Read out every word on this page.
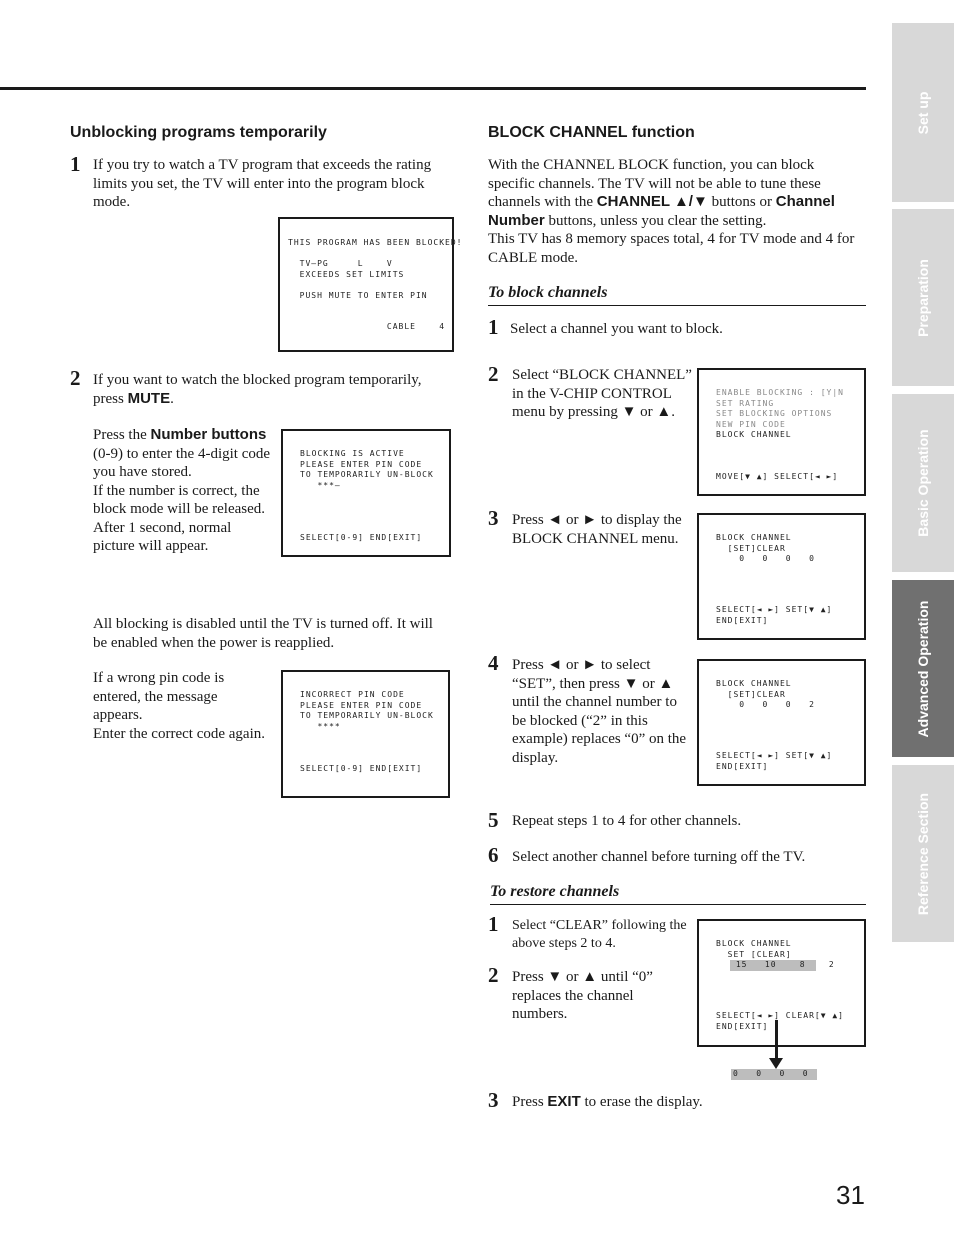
Unblocking programs temporarily
1 If you try to watch a TV program that exceeds the rating limits you set, the TV will enter into the program block mode.
THIS PROGRAM HAS BEEN BLOCKED!

TV–PG     L    V
EXCEEDS SET LIMITS

PUSH MUTE TO ENTER PIN

CABLE    4
2 If you want to watch the blocked program temporarily, press MUTE.
Press the Number buttons (0-9) to enter the 4-digit code you have stored.
If the number is correct, the block mode will be released.
After 1 second, normal picture will appear.
BLOCKING IS ACTIVE
PLEASE ENTER PIN CODE
TO TEMPORARILY UN-BLOCK
***–

SELECT[0-9] END[EXIT]
All blocking is disabled until the TV is turned off. It will be enabled when the power is reapplied.
If a wrong pin code is entered, the message appears.
Enter the correct code again.
INCORRECT PIN CODE
PLEASE ENTER PIN CODE
TO TEMPORARILY UN-BLOCK
****

SELECT[0-9] END[EXIT]
BLOCK CHANNEL function
With the CHANNEL BLOCK function, you can block specific channels. The TV will not be able to tune these channels with the CHANNEL ▲/▼ buttons or Channel Number buttons, unless you clear the setting.
This TV has 8 memory spaces total, 4 for TV mode and 4 for CABLE mode.
To block channels
1 Select a channel you want to block.
2 Select “BLOCK CHANNEL” in the V-CHIP CONTROL menu by pressing ▼ or ▲.
ENABLE BLOCKING : [Y|N
SET RATING
SET BLOCKING OPTIONS
NEW PIN CODE
BLOCK CHANNEL
MOVE[▼ ▲] SELECT[◄ ►]
3 Press ◄ or ► to display the BLOCK CHANNEL menu.	BLOCK CHANNEL
[SET]CLEAR
0   0   0   0
SELECT[◄ ►] SET[▼ ▲]
END[EXIT]
4 Press ◄ or ► to select “SET”, then press ▼ or ▲ until the channel number to be blocked (“2” in this example) replaces “0” on the display.
BLOCK CHANNEL
[SET]CLEAR
0   0   0   2
SELECT[◄ ►] SET[▼ ▲]
END[EXIT]
5 Repeat steps 1 to 4 for other channels.
6 Select another channel before turning off the TV.
To restore channels
1 Select “CLEAR” following the above steps 2 to 4.
2 Press ▼ or ▲ until “0” replaces the channel numbers.
BLOCK CHANNEL
SET [CLEAR]
15   10    8    2
SELECT[◄ ►] CLEAR[▼ ▲]
END[EXIT]
0   0   0   0
3 Press EXIT to erase the display.
Set up
Preparation
Basic Operation
Advanced Operation
Reference Section
31
